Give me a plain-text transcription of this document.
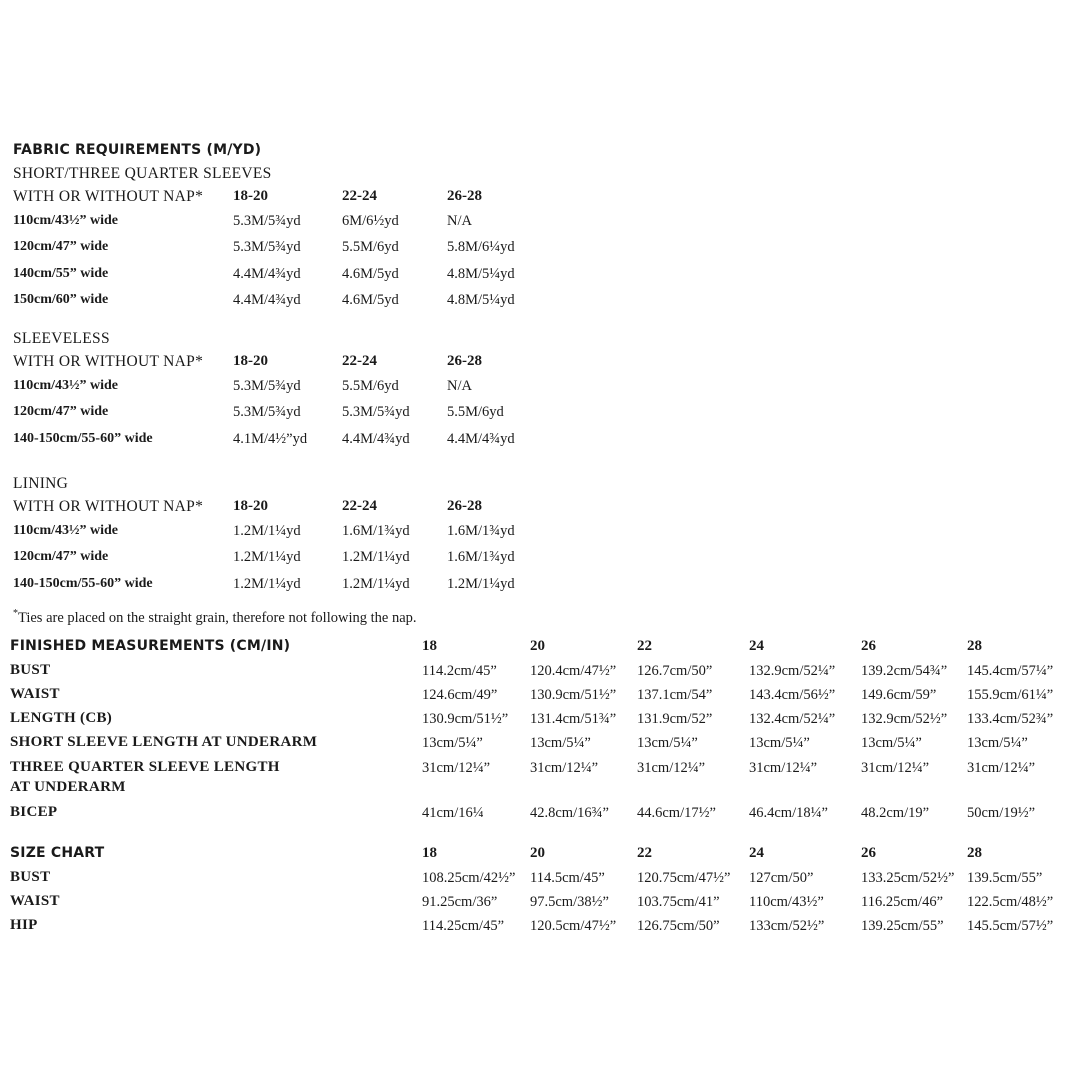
FABRIC REQUIREMENTS (M/YD)
SHORT/THREE QUARTER SLEEVES
WITH OR WITHOUT NAP* 18-20	22-24	26-28
110cm/43½” wide	5.3M/5¾yd	6M/6½yd	N/A
120cm/47” wide	5.3M/5¾yd	5.5M/6yd	5.8M/6¼yd
140cm/55” wide	4.4M/4¾yd	4.6M/5yd	4.8M/5¼yd
150cm/60” wide	4.4M/4¾yd	4.6M/5yd	4.8M/5¼yd
SLEEVELESS
WITH OR WITHOUT NAP* 18-20	22-24	26-28
110cm/43½” wide	5.3M/5¾yd	5.5M/6yd	N/A
120cm/47” wide	5.3M/5¾yd	5.3M/5¾yd	5.5M/6yd
140-150cm/55-60” wide	4.1M/4½”yd 4.4M/4¾yd	4.4M/4¾yd
LINING
WITH OR WITHOUT NAP* 18-20	22-24	26-28
110cm/43½” wide	1.2M/1¼yd	1.6M/1¾yd	1.6M/1¾yd
120cm/47” wide	1.2M/1¼yd	1.2M/1¼yd	1.6M/1¾yd
140-150cm/55-60” wide	1.2M/1¼yd	1.2M/1¼yd	1.2M/1¼yd
*Ties are placed on the straight grain, therefore not following the nap.
FINISHED MEASUREMENTS (CM/IN)	18	20	22	24	26	28
BUST	114.2cm/45” 120.4cm/47½” 126.7cm/50”	132.9cm/52¼” 139.2cm/54¾” 145.4cm/57¼”
WAIST	124.6cm/49” 130.9cm/51½” 137.1cm/54”	143.4cm/56½” 149.6cm/59” 155.9cm/61¼”
LENGTH (CB)	130.9cm/51½” 131.4cm/51¾” 131.9cm/52”	132.4cm/52¼” 132.9cm/52½” 133.4cm/52¾”
SHORT SLEEVE LENGTH AT UNDERARM	13cm/5¼”	13cm/5¼”	13cm/5¼”	13cm/5¼”	13cm/5¼”	13cm/5¼”
THREE QUARTER SLEEVE LENGTH
AT UNDERARM
31cm/12¼”	31cm/12¼”	31cm/12¼”	31cm/12¼”	31cm/12¼”	31cm/12¼”
BICEP	41cm/16¼	42.8cm/16¾” 44.6cm/17½” 46.4cm/18¼” 48.2cm/19”	50cm/19½”
SIZE CHART	18	20	22	24	26	28
BUST	108.25cm/42½” 114.5cm/45” 120.75cm/47½” 127cm/50”	133.25cm/52½” 139.5cm/55”
WAIST	91.25cm/36” 97.5cm/38½” 103.75cm/41” 110cm/43½”	116.25cm/46” 122.5cm/48½”
HIP	114.25cm/45” 120.5cm/47½” 126.75cm/50” 133cm/52½”	139.25cm/55” 145.5cm/57½”
